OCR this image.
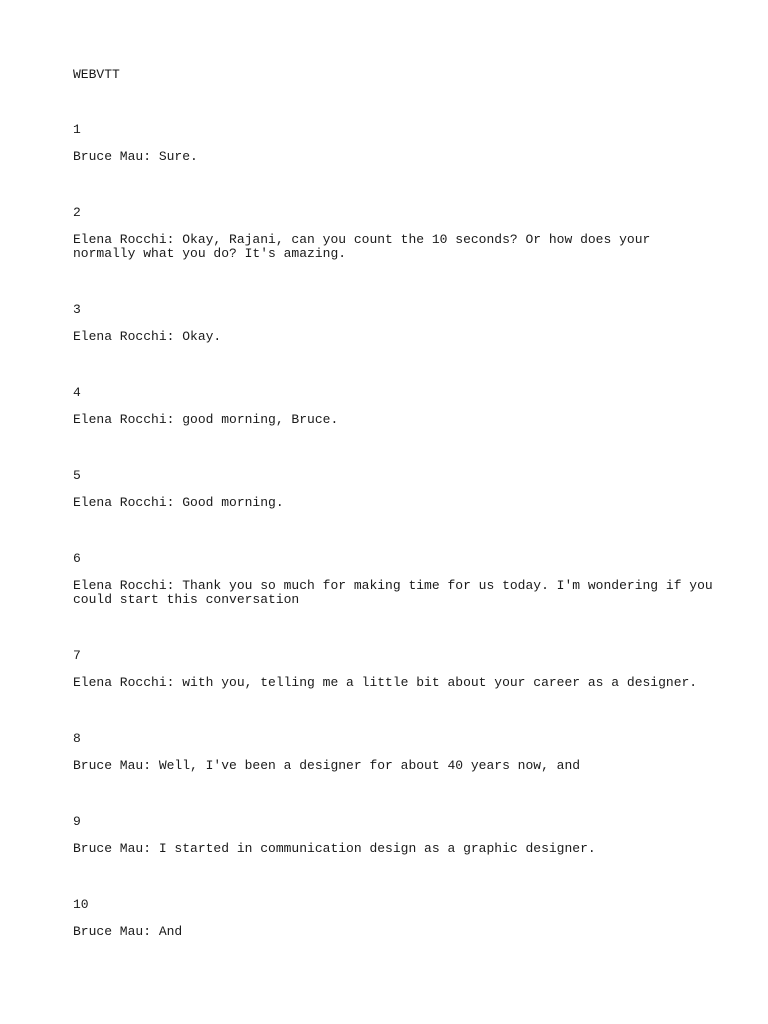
WEBVTT
1
Bruce Mau: Sure.
2
Elena Rocchi: Okay, Rajani, can you count the 10 seconds? Or how does your normally what you do? It's amazing.
3
Elena Rocchi: Okay.
4
Elena Rocchi: good morning, Bruce.
5
Elena Rocchi: Good morning.
6
Elena Rocchi: Thank you so much for making time for us today. I'm wondering if you could start this conversation
7
Elena Rocchi: with you, telling me a little bit about your career as a designer.
8
Bruce Mau: Well, I've been a designer for about 40 years now, and
9
Bruce Mau: I started in communication design as a graphic designer.
10
Bruce Mau: And
